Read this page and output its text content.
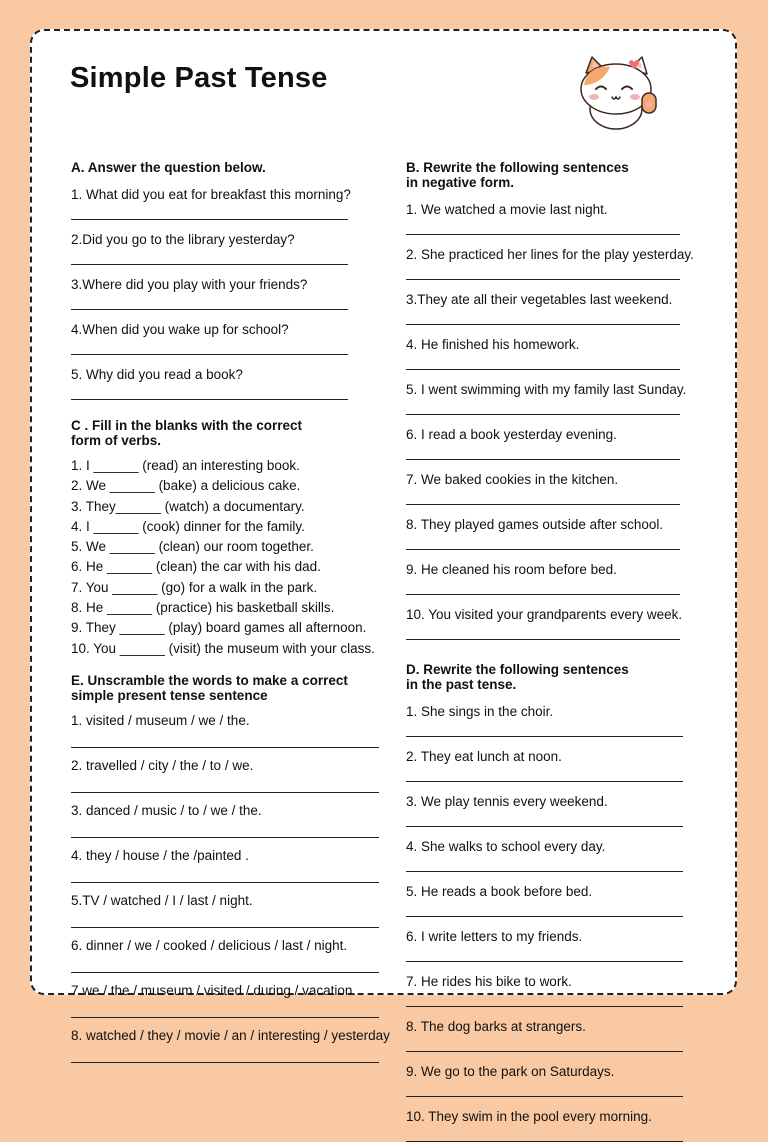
Simple Past Tense
A. Answer the question below.
1. What did you eat for breakfast this morning?
2.Did you go to the library yesterday?
3.Where did you play with your friends?
4.When did you wake up for school?
5. Why did you read a book?
C . Fill in the blanks with the correct
form of verbs.
1. I ______ (read) an interesting book.
2. We ______ (bake) a delicious cake.
3. They______ (watch) a documentary.
4. I ______ (cook) dinner for the family.
5. We ______ (clean) our room together.
6. He ______ (clean) the car with his dad.
7. You ______ (go) for a walk in the park.
8. He ______ (practice) his basketball skills.
9. They ______ (play) board games all afternoon.
10. You ______ (visit) the museum with your class.
E. Unscramble the words to make a correct
simple present tense sentence
1. visited / museum / we / the.
2. travelled / city / the / to / we.
3. danced / music / to / we / the.
4. they / house / the /painted .
5.TV / watched / I / last / night.
6. dinner / we / cooked / delicious / last / night.
7.we / the / museum / visited / during / vacation.
8. watched / they / movie / an / interesting / yesterday
B. Rewrite the following sentences
in negative form.
1. We watched a movie last night.
2. She practiced her lines for the play yesterday.
3.They ate all their vegetables last weekend.
4. He finished his homework.
5. I went swimming with my family last Sunday.
6. I read a book yesterday evening.
7. We baked cookies in the kitchen.
8. They played games outside after school.
9. He cleaned his room before bed.
10. You visited your grandparents every week.
D. Rewrite the following sentences
in the past tense.
1. She sings in the choir.
2. They eat lunch at noon.
3. We play tennis every weekend.
4. She walks to school every day.
5. He reads a book before bed.
6. I write letters to my friends.
7. He rides his bike to work.
8. The dog barks at strangers.
9. We go to the park on Saturdays.
10. They swim in the pool every morning.
